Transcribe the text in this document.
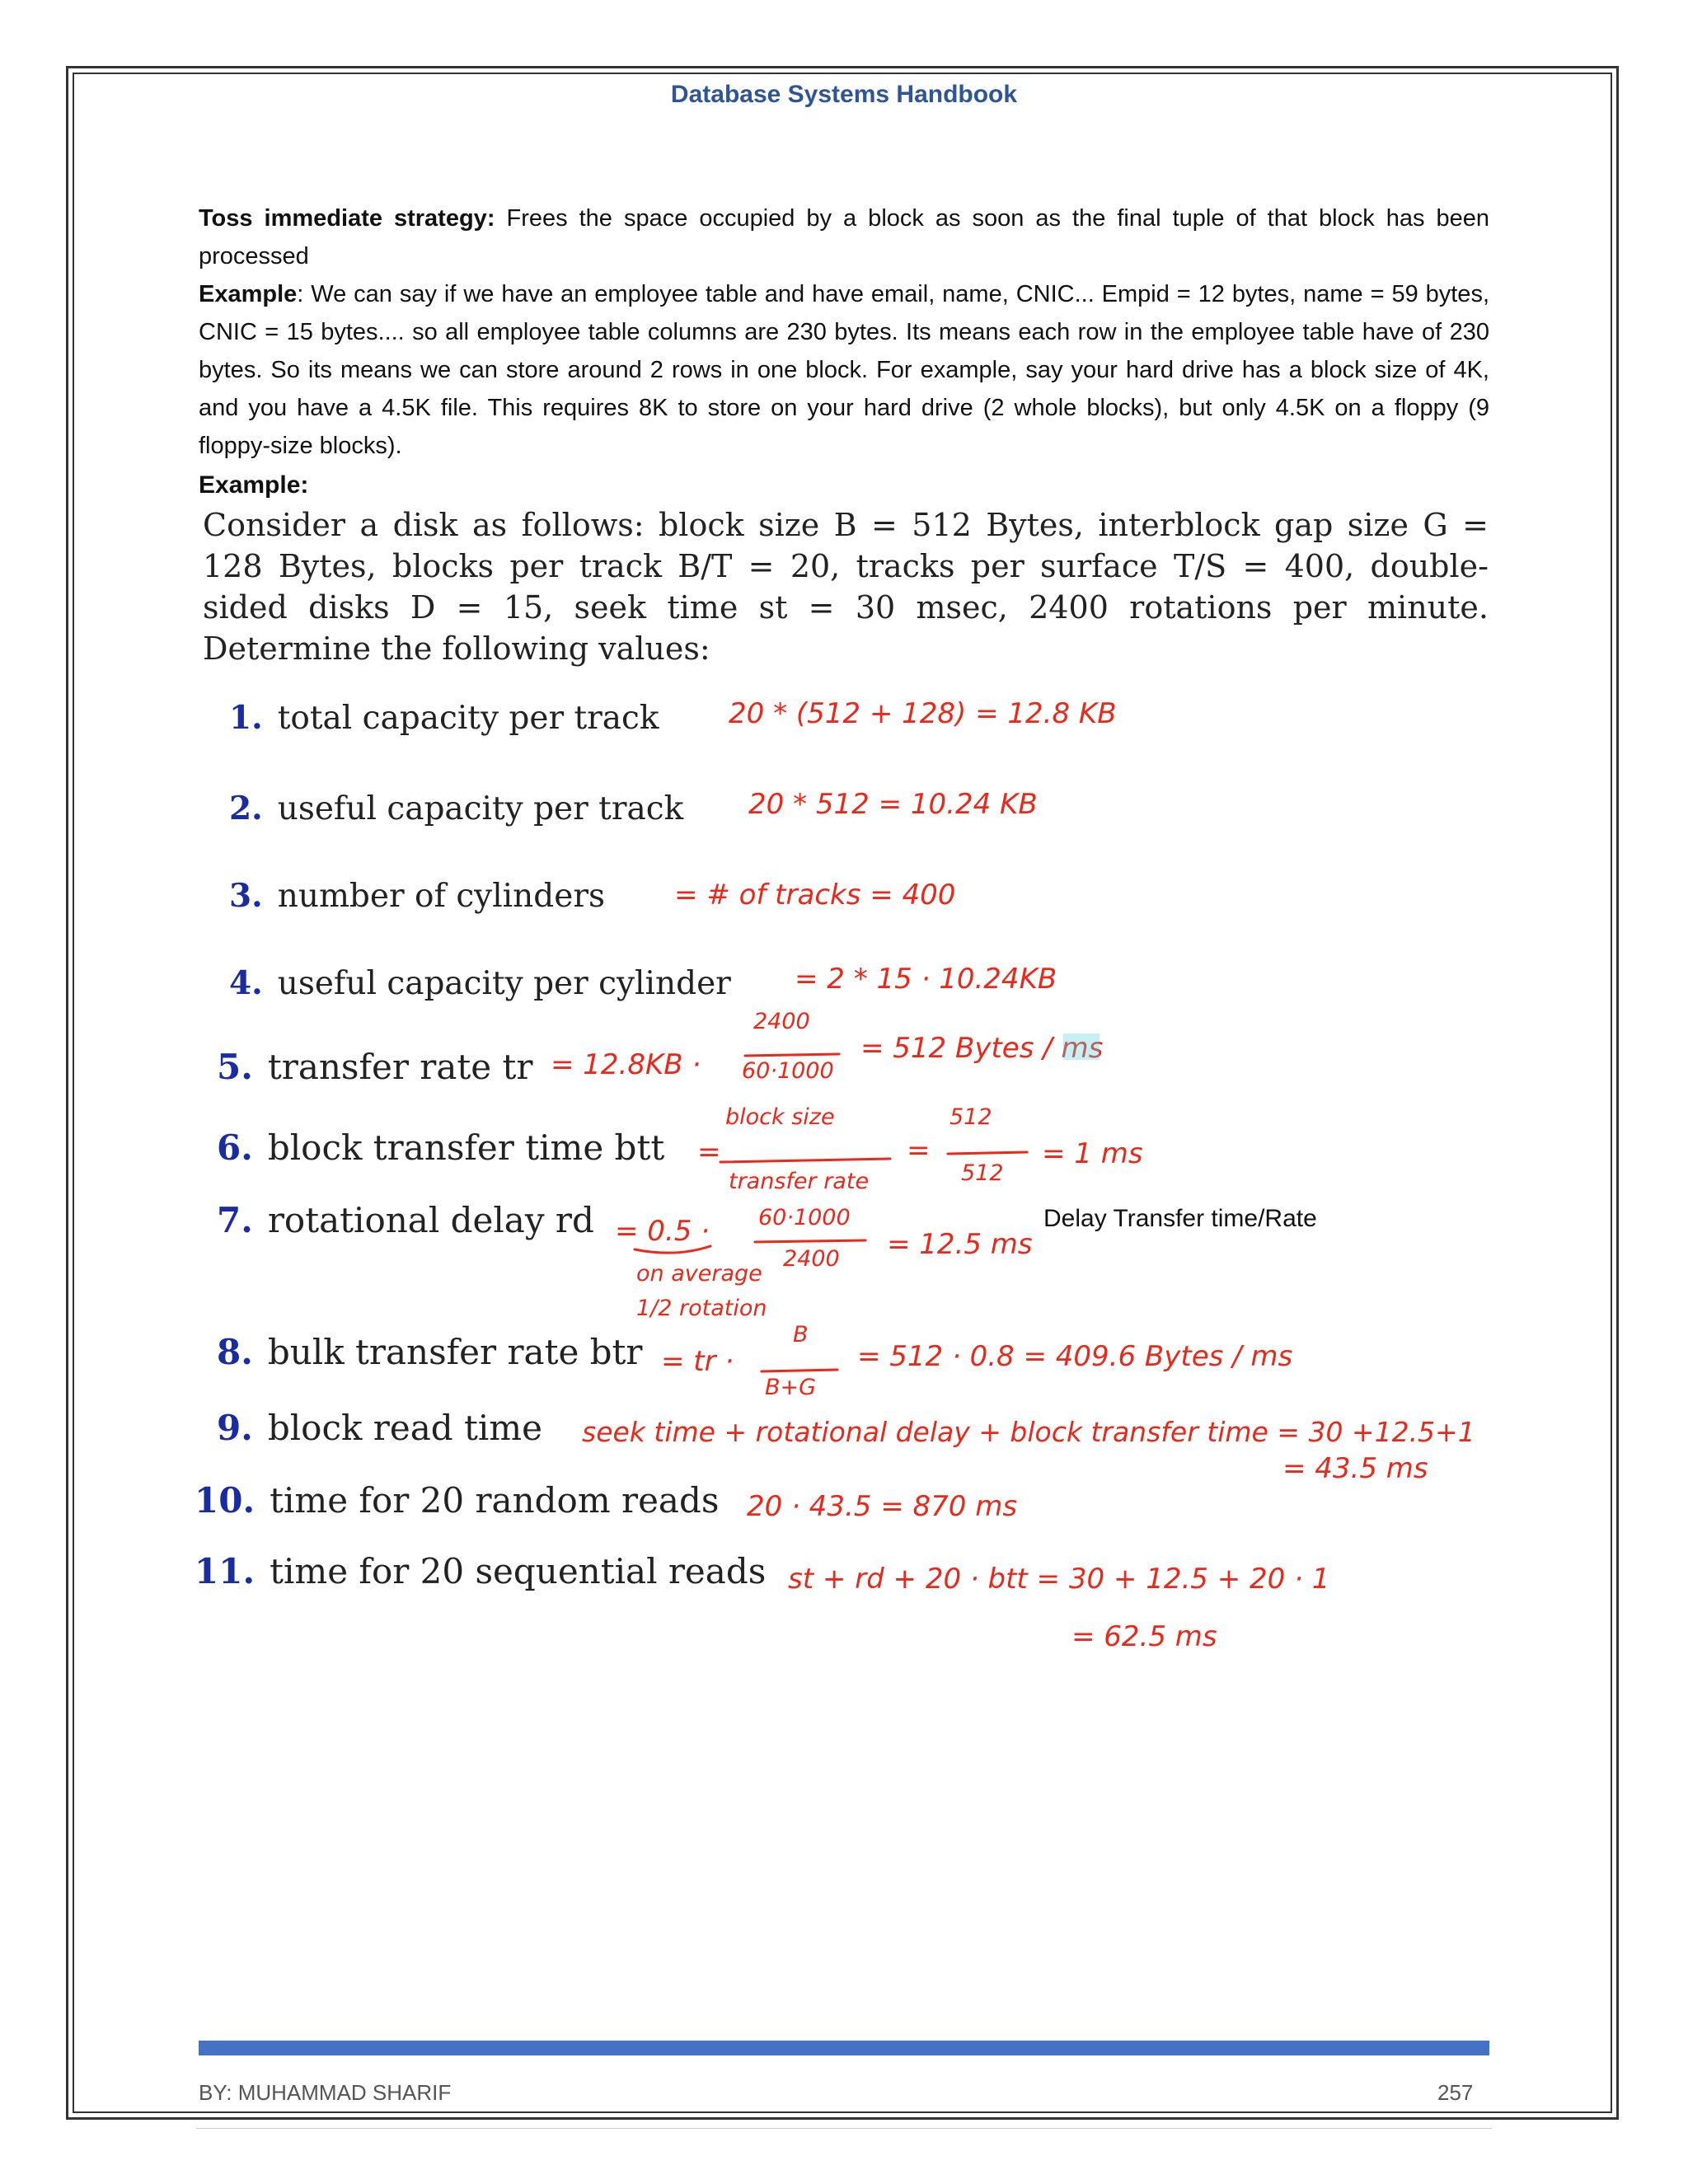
Database Systems Handbook

Toss immediate strategy: Frees the space occupied by a block as soon as the final tuple of that block has been processed

Example: We can say if we have an employee table and have email, name, CNIC... Empid = 12 bytes, name = 59 bytes, CNIC = 15 bytes.... so all employee table columns are 230 bytes. Its means each row in the employee table have of 230 bytes. So its means we can store around 2 rows in one block. For example, say your hard drive has a block size of 4K, and you have a 4.5K file. This requires 8K to store on your hard drive (2 whole blocks), but only 4.5K on a floppy (9 floppy-size blocks).

Example:
Consider a disk as follows: block size B = 512 Bytes, interblock gap size G = 128 Bytes, blocks per track B/T = 20, tracks per surface T/S = 400, double-sided disks D = 15, seek time st = 30 msec, 2400 rotations per minute. Determine the following values:
1. total capacity per track
2. useful capacity per track
3. number of cylinders
4. useful capacity per cylinder
5. transfer rate tr
6. block transfer time btt
7. rotational delay rd
8. bulk transfer rate btr
9. block read time
10. time for 20 random reads
11. time for 20 sequential reads
20 * (512 + 128) = 12.8 KB
20 * 512 = 10.24 KB
= # of tracks = 400
= 2 * 15 · 10.24KB
= 12.8KB ·
2400
60·1000
= 512 Bytes / ms
=
block size
transfer rate
=
512
512
= 1 ms
= 0.5 · 60·1000
2400 = 12.5 ms
on average
1/2 rotation
= tr ·
B
B+G
= 512 · 0.8 = 409.6 Bytes / ms
seek time + rotational delay + block transfer time = 30 +12.5+1
= 43.5 ms
20 · 43.5 = 870 ms
st + rd + 20 · btt = 30 + 12.5 + 20 · 1
= 62.5 ms
Delay Transfer time/Rate
BY: MUHAMMAD SHARIF	257
